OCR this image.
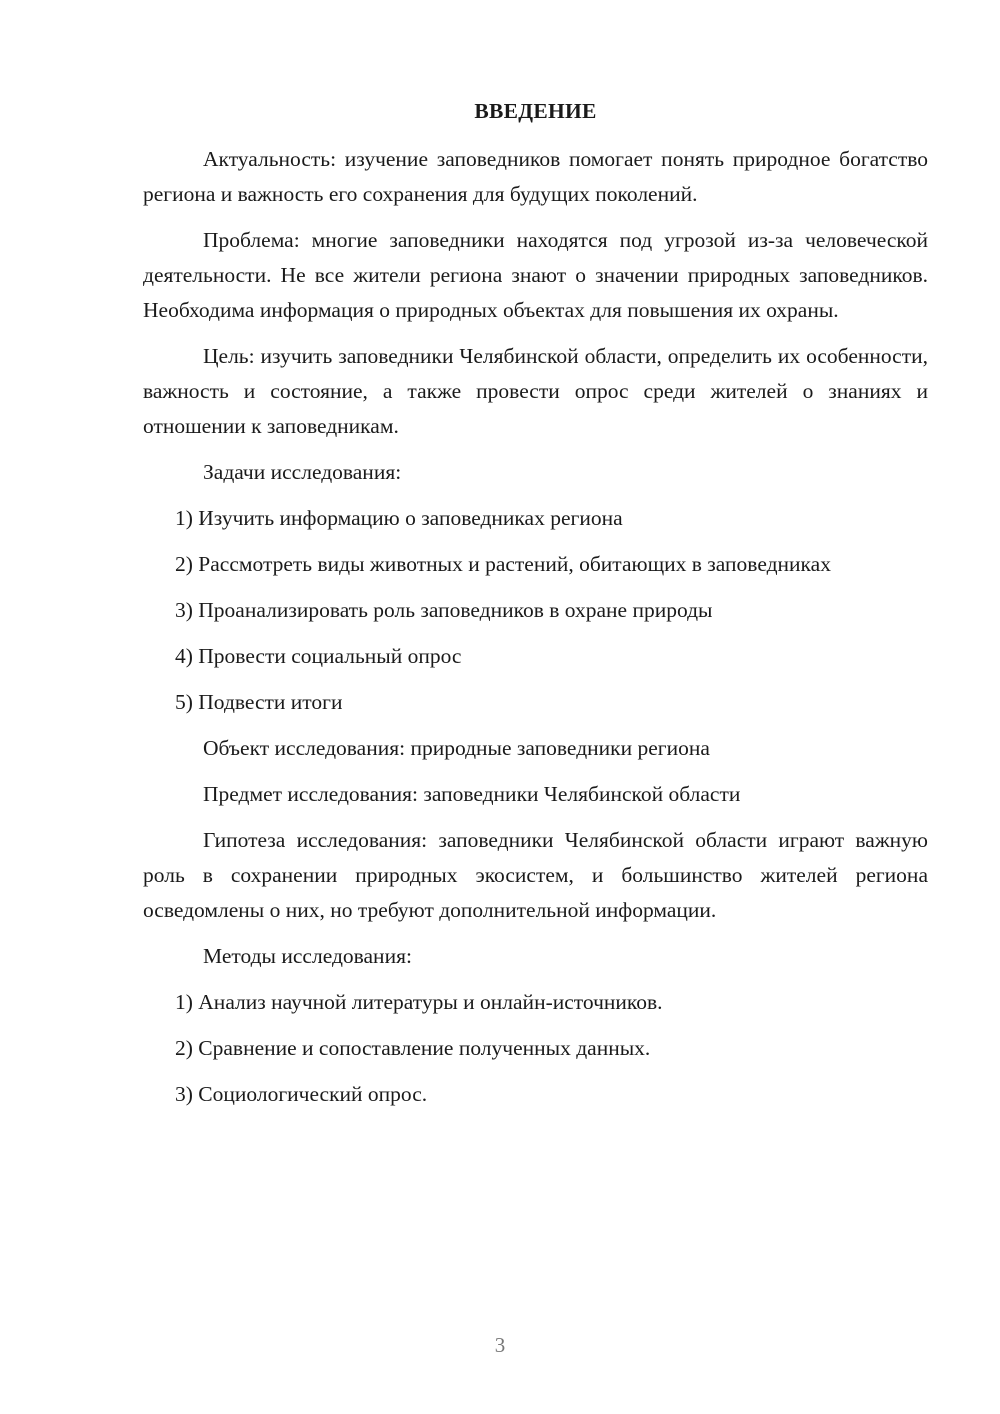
ВВЕДЕНИЕ

Актуальность: изучение заповедников помогает понять природное богатство региона и важность его сохранения для будущих поколений.

Проблема: многие заповедники находятся под угрозой из-за человеческой деятельности. Не все жители региона знают о значении природных заповедников. Необходима информация о природных объектах для повышения их охраны.

Цель: изучить заповедники Челябинской области, определить их особенности, важность и состояние, а также провести опрос среди жителей о знаниях и отношении к заповедникам.

Задачи исследования:
1) Изучить информацию о заповедниках региона

2) Рассмотреть виды животных и растений, обитающих в заповедниках

3) Проанализировать роль заповедников в охране природы
4) Провести социальный опрос
5) Подвести итоги
Объект исследования: природные заповедники региона
Предмет исследования: заповедники Челябинской области

Гипотеза исследования: заповедники Челябинской области играют важную роль в сохранении природных экосистем, и большинство жителей региона осведомлены о них, но требуют дополнительной информации.

Методы исследования:
1) Анализ научной литературы и онлайн-источников.
2) Сравнение и сопоставление полученных данных.
3) Социологический опрос.
3
